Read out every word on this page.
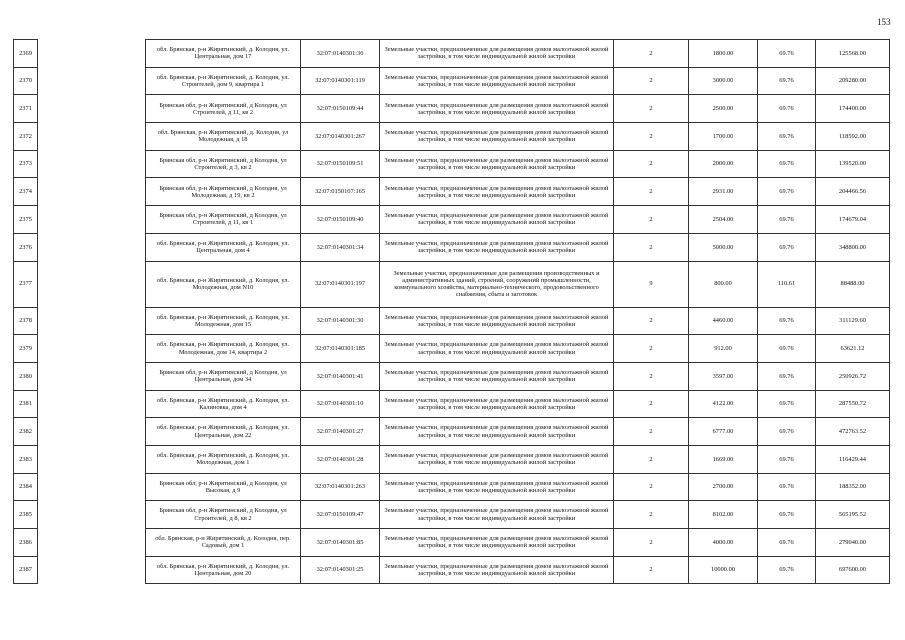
153
2369		обл. Брянская, р-н Жирятинский, д. Колодня, ул. Центральная, дом 17	32:07:0140301:36	Земельные участки, предназначенные для размещения домов малоэтажной жилой застройки, в том числе индивидуальной жилой застройки	2	1800.00	69.76	125568.00
2370		обл. Брянская, р-н Жирятинский, д. Колодня, ул. Строителей, дом 9, квартира 1	32:07:0140301:119	Земельные участки, предназначенные для размещения домов малоэтажной жилой застройки, в том числе индивидуальной жилой застройки	2	3000.00	69.76	209280.00
2371		Брянская обл, р-н Жирятинский, д Колодня, ул Строителей, д 11, кв 2	32:07:0150109:44	Земельные участки, предназначенные для размещения домов малоэтажной жилой застройки, в том числе индивидуальной жилой застройки	2	2500.00	69.76	174400.00
2372		обл. Брянская, р-н Жирятинский, д. Колодня, ул Молодежная, д 18	32:07:0140301:267	Земельные участки, предназначенные для размещения домов малоэтажной жилой застройки, в том числе индивидуальной жилой застройки	2	1700.00	69.76	118592.00
2373		Брянская обл, р-н Жирятинский, д Колодня, ул Строителей, д 3, кв 2	32:07:0150109:51	Земельные участки, предназначенные для размещения домов малоэтажной жилой застройки, в том числе индивидуальной жилой застройки	2	2000.00	69.76	139520.00
2374		Брянская обл, р-н Жирятинский, д Колодня, ул Молодежная, д 19, кв 2	32:07:0150107:165	Земельные участки, предназначенные для размещения домов малоэтажной жилой застройки, в том числе индивидуальной жилой застройки	2	2931.00	69.76	204466.56
2375		Брянская обл, р-н Жирятинский, д Колодня, ул Строителей, д 11, кв 1	32:07:0150109:40	Земельные участки, предназначенные для размещения домов малоэтажной жилой застройки, в том числе индивидуальной жилой застройки	2	2504.00	69.76	174679.04
2376		обл. Брянская, р-н Жирятинский, д. Колодня, ул. Центральная, дом 4	32:07:0140301:34	Земельные участки, предназначенные для размещения домов малоэтажной жилой застройки, в том числе индивидуальной жилой застройки	2	5000.00	69.76	348800.00
2377		обл. Брянская, р-н Жирятинский, д. Колодня, ул. Молодежная, дом N10	32:07:0140301:197	Земельные участки, предназначенные для размещения производственных и административных зданий, строений, сооружений промышленности, коммунального хозяйства, материально-технического, продовольственного снабжения, сбыта и заготовок	9	800.00	110.61	88488.00
2378		обл. Брянская, р-н Жирятинский, д. Колодня, ул. Молодежная, дом 15	32:07:0140301:30	Земельные участки, предназначенные для размещения домов малоэтажной жилой застройки, в том числе индивидуальной жилой застройки	2	4460.00	69.76	311129.60
2379		обл. Брянская, р-н Жирятинский, д. Колодня, ул. Молодежная, дом 14, квартира 2	32:07:0140301:185	Земельные участки, предназначенные для размещения домов малоэтажной жилой застройки, в том числе индивидуальной жилой застройки	2	912.00	69.76	63621.12
2380		Брянская обл, р-н Жирятинский, д Колодня, ул Центральная, дом 34	32:07:0140301:41	Земельные участки, предназначенные для размещения домов малоэтажной жилой застройки, в том числе индивидуальной жилой застройки	2	3597.00	69.76	250926.72
2381		обл. Брянская, р-н Жирятинский, д. Колодня, ул. Калиновка, дом 4	32:07:0140301:10	Земельные участки, предназначенные для размещения домов малоэтажной жилой застройки, в том числе индивидуальной жилой застройки	2	4122.00	69.76	287550.72
2382		обл. Брянская, р-н Жирятинский, д. Колодня, ул. Центральная, дом 22	32:07:0140301:27	Земельные участки, предназначенные для размещения домов малоэтажной жилой застройки, в том числе индивидуальной жилой застройки	2	6777.00	69.76	472763.52
2383		обл. Брянская, р-н Жирятинский, д. Колодня, ул. Молодежная, дом 1	32:07:0140301:28	Земельные участки, предназначенные для размещения домов малоэтажной жилой застройки, в том числе индивидуальной жилой застройки	2	1669.00	69.76	116429.44
2384		Брянская обл, р-н Жирятинский, д Колодня, ул Высокая, д 9	32:07:0140301:263	Земельные участки, предназначенные для размещения домов малоэтажной жилой застройки, в том числе индивидуальной жилой застройки	2	2700.00	69.76	188352.00
2385		Брянская обл, р-н Жирятинский, д Колодня, ул Строителей, д 8, кв 2	32:07:0150109:47	Земельные участки, предназначенные для размещения домов малоэтажной жилой застройки, в том числе индивидуальной жилой застройки	2	8102.00	69.76	565195.52
2386		обл. Брянская, р-н Жирятинский, д. Колодня, пер. Садовый, дом 1	32:07:0140301:85	Земельные участки, предназначенные для размещения домов малоэтажной жилой застройки, в том числе индивидуальной жилой застройки	2	4000.00	69.76	279040.00
2387		обл. Брянская, р-н Жирятинский, д. Колодня, ул. Центральная, дом 20	32:07:0140301:25	Земельные участки, предназначенные для размещения домов малоэтажной жилой застройки, в том числе индивидуальной жилой застройки	2	10000.00	69.76	697600.00
